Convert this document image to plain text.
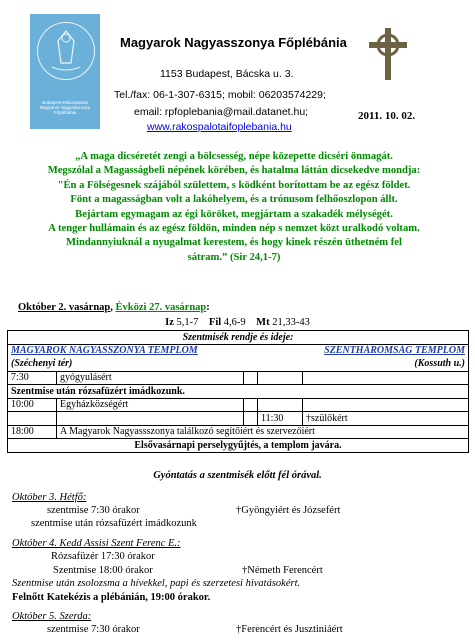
Budapest-Rákospalota Magyarok Nagyasszonya Főplébánia
Magyarok Nagyasszonya Főplébánia
1153 Budapest, Bácska u. 3.
Tel./fax: 06-1-307-6315; mobil: 06203574229;
email: rpfoplebania@mail.datanet.hu;
www.rakospalotaifoplebania.hu
2011. 10. 02.
„A maga dicséretét zengi a bölcsesség, népe közepette dicséri önmagát.
Megszólal a Magasságbeli népének körében, és hatalma láttán dicsekedve mondja:
"Én a Fölségesnek szájából születtem, s ködként borítottam be az egész földet.
Fönt a magasságban volt a lakóhelyem, és a trónusom felhőoszlopon állt.
Bejártam egymagam az égi köröket, megjártam a szakadék mélységét.
A tenger hullámain és az egész földön, minden nép s nemzet közt uralkodó voltam.
Mindannyiuknál a nyugalmat kerestem, és hogy kinek részén üthetném fel
sátram.” (Sir 24,1-7)
Október 2. vasárnap, Évközi 27. vasárnap:
Iz 5,1-7 Fil 4,6-9 Mt 21,33-43
Szentmisék rendje és ideje:				

MAGYAROK NAGYASSZONYA TEMPLOM SZENTHÁROMSÁG TEMPLOM
(Széchenyi tér) (Kossuth u.)				

7:30	gyógyulásért			
Szentmise után rózsafüzért imádkozunk.				
10:00	Egyházközségért			
			11:30	†szülőkért
18:00	A Magyarok Nagyassszonya találkozó segítőiért és szervezőiért			
Elsővasárnapi perselygyűjtés, a templom javára.				
Gyóntatás a szentmisék előtt fél órával.
Október 3. Hétfő:
szentmise 7:30 órakor	†Gyöngyiért és Józsefért
szentmise után rózsafüzért imádkozunk
Október 4. Kedd Assisi Szent Ferenc E.:
Rózsafüzér 17:30 órakor
Szentmise 18:00 órakor	†Németh Ferencért
Szentmise után zsolozsma a hívekkel, papi és szerzetesi hivatásokért.
Felnőtt Katekézis a plébánián, 19:00 órakor.
Október 5. Szerda:
szentmise 7:30 órakor	†Ferencért és Jusztiniáért
